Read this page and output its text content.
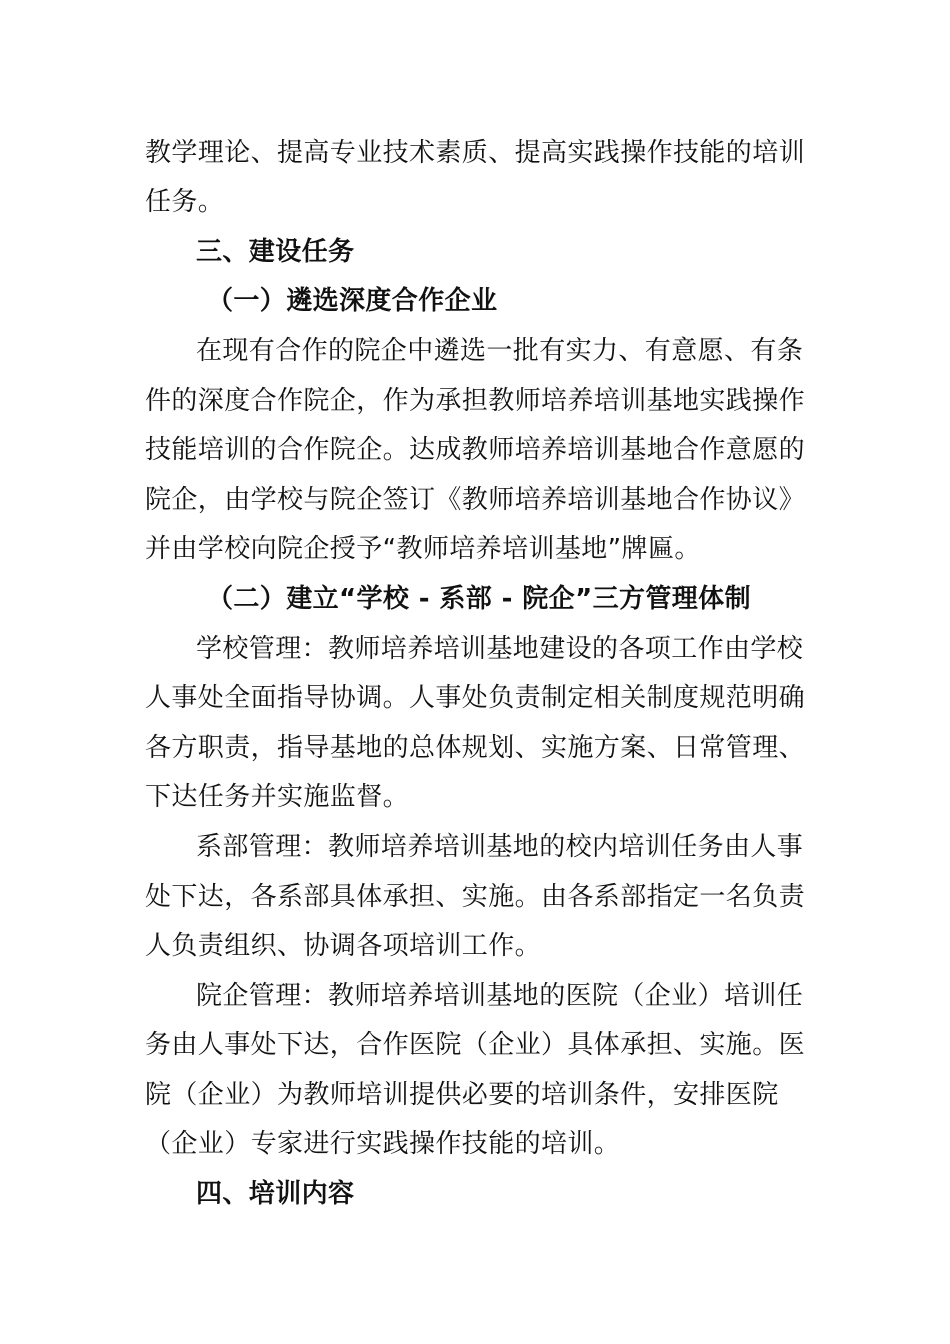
教学理论、提高专业技术素质、提高实践操作技能的培训
任务。
三、建设任务
（一）遴选深度合作企业
在现有合作的院企中遴选一批有实力、有意愿、有条
件的深度合作院企，作为承担教师培养培训基地实践操作
技能培训的合作院企。达成教师培养培训基地合作意愿的
院企，由学校与院企签订《教师培养培训基地合作协议》
并由学校向院企授予“教师培养培训基地”牌匾。
（二）建立“学校 - 系部 - 院企”三方管理体制
学校管理：教师培养培训基地建设的各项工作由学校
人事处全面指导协调。人事处负责制定相关制度规范明确
各方职责，指导基地的总体规划、实施方案、日常管理、
下达任务并实施监督。
系部管理：教师培养培训基地的校内培训任务由人事
处下达，各系部具体承担、实施。由各系部指定一名负责
人负责组织、协调各项培训工作。
院企管理：教师培养培训基地的医院（企业）培训任
务由人事处下达，合作医院（企业）具体承担、实施。医
院（企业）为教师培训提供必要的培训条件，安排医院
（企业）专家进行实践操作技能的培训。
四、培训内容
